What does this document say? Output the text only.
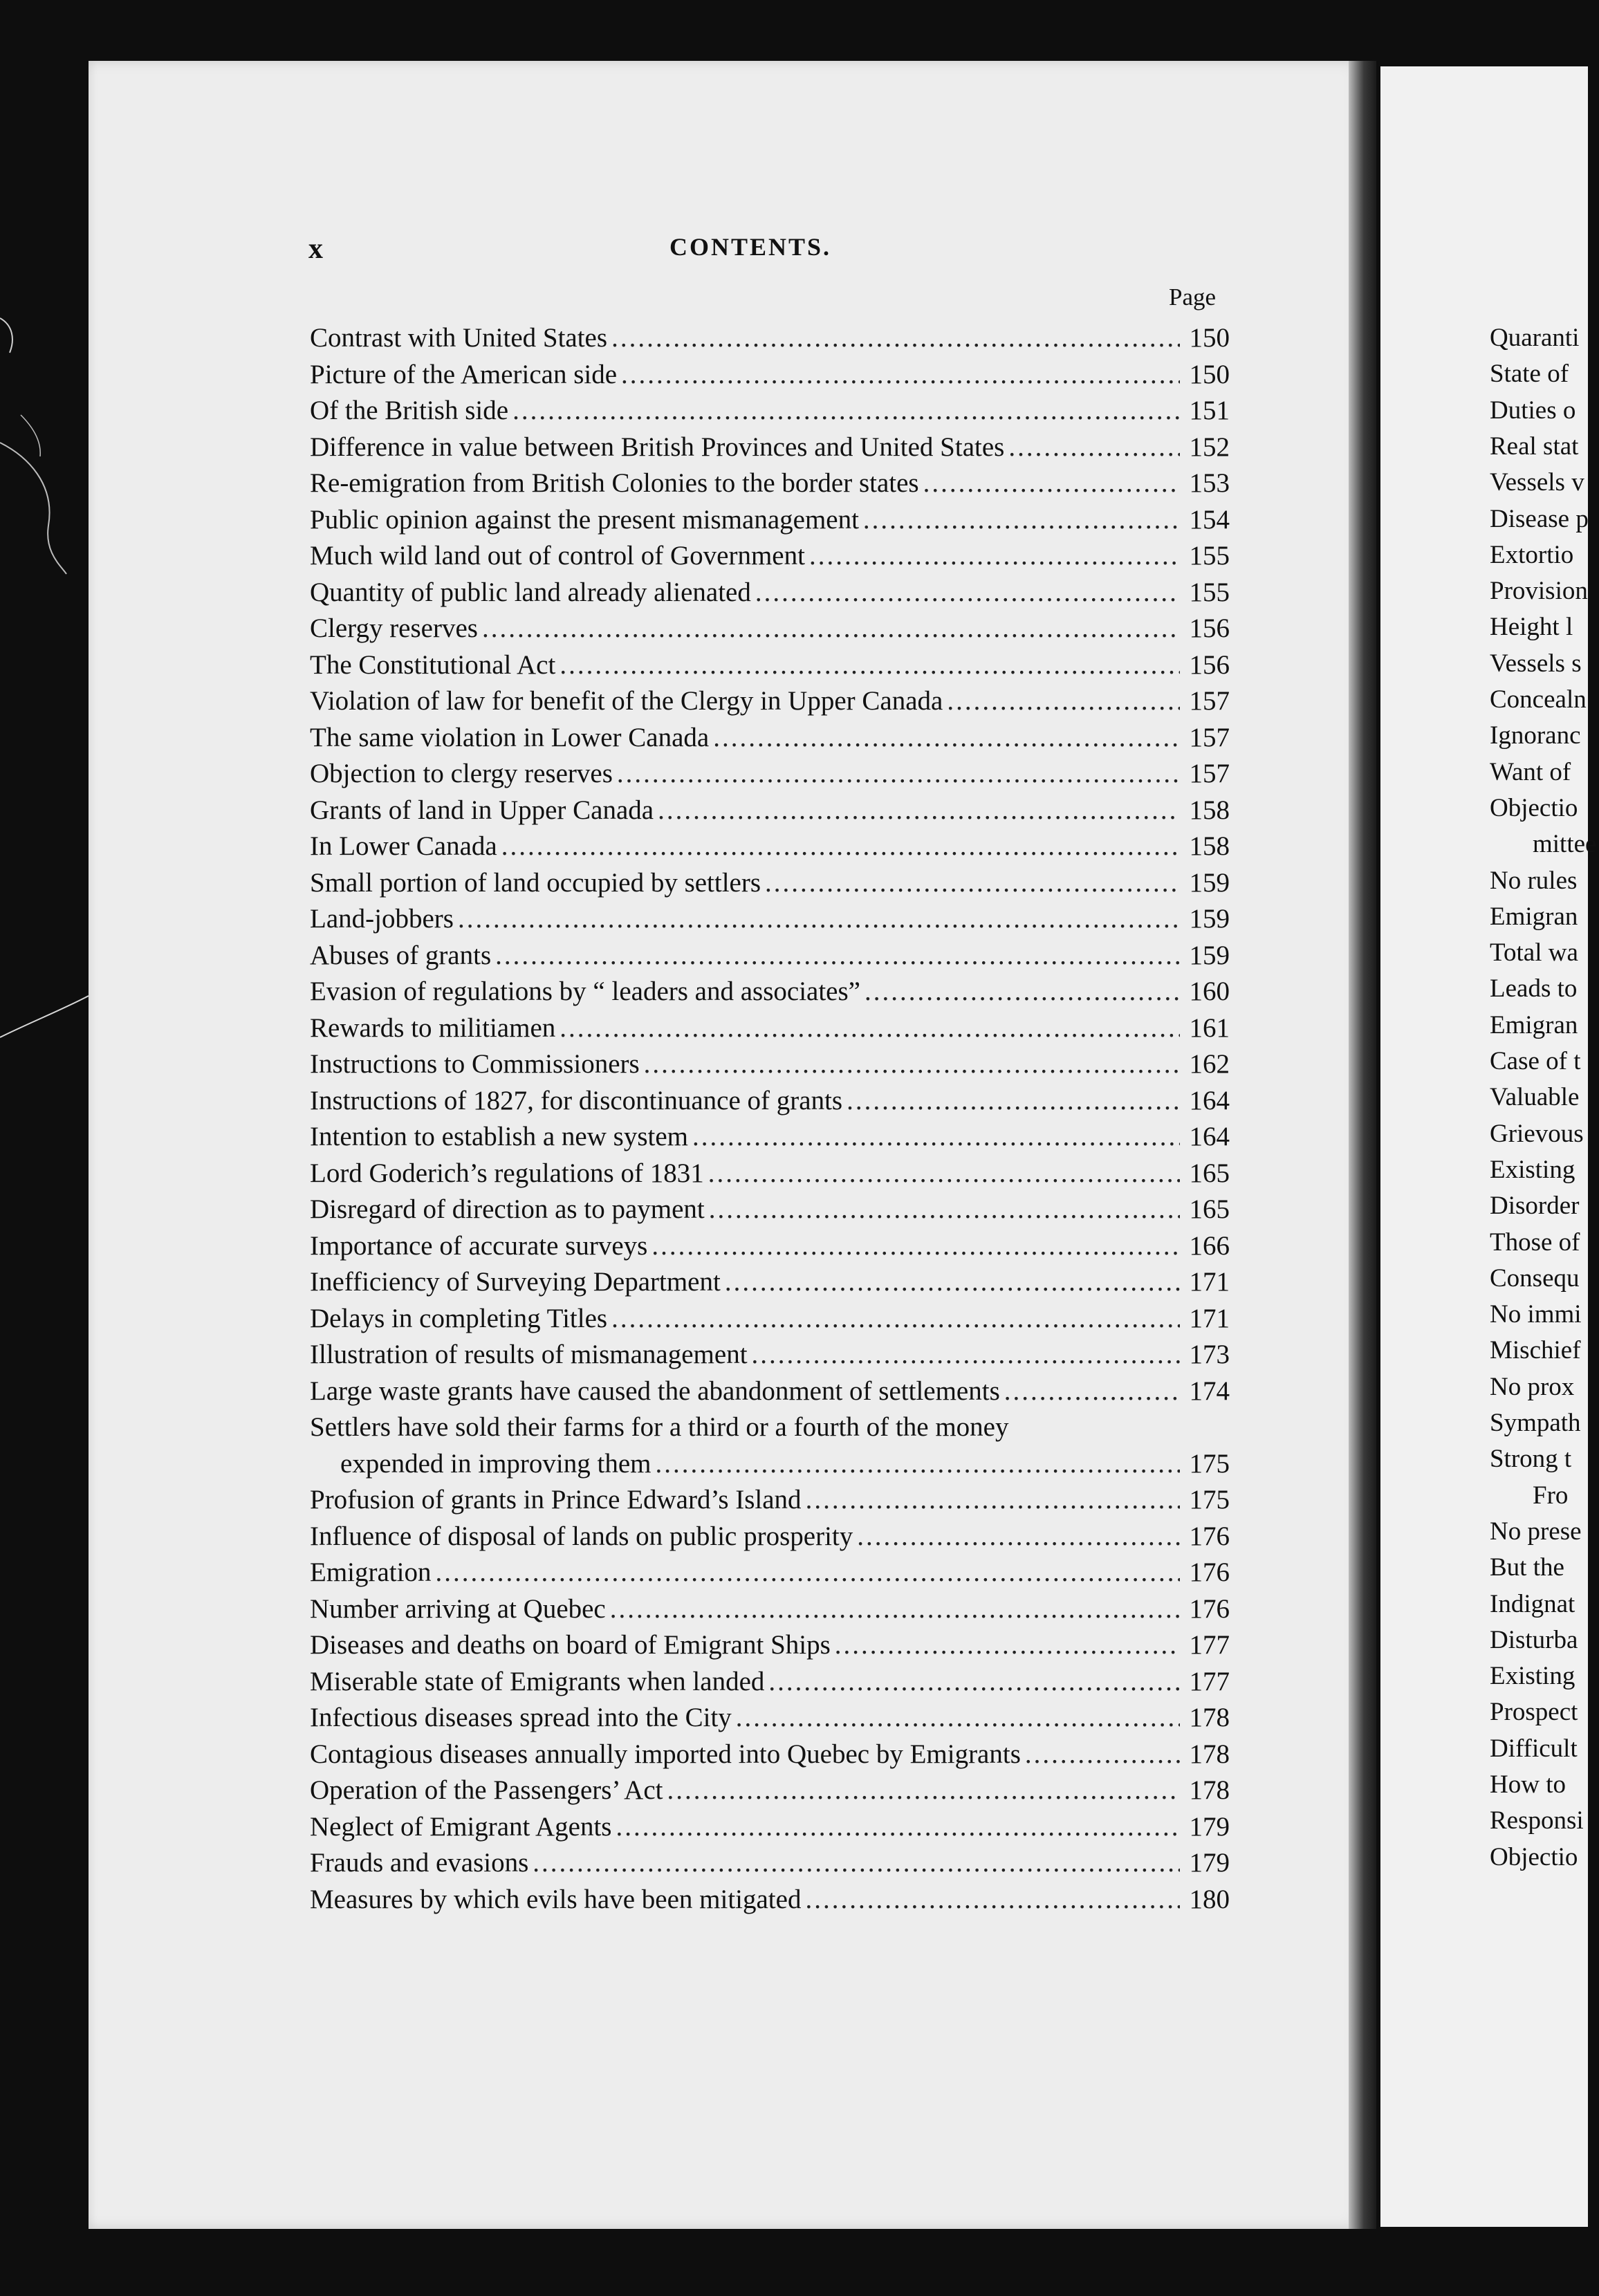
Quaranti
State of
Duties o
Real stat
Vessels v
Disease p
Extortio
Provision
Height l
Vessels s
Concealn
Ignoranc
Want of
Objectio
mittee
No rules
Emigran
Total wa
Leads to
Emigran
Case of t
Valuable
Grievous
Existing
Disorder
Those of
Consequ
No immi
Mischief
No prox
Sympath
Strong t
Fro
No prese
But the
Indignat
Disturba
Existing
Prospect
Difficult
How to
Responsi
Objectio
x	CONTENTS.
Page
Contrast with United States .....	150
Picture of the American side .....	150
Of the British side .....	151
Difference in value between British Provinces and United States .....	152
Re-emigration from British Colonies to the border states .....	153
Public opinion against the present mismanagement .....	154
Much wild land out of control of Government .....	155
Quantity of public land already alienated .....	155
Clergy reserves .....	156
The Constitutional Act .....	156
Violation of law for benefit of the Clergy in Upper Canada .....	157
The same violation in Lower Canada .....	157
Objection to clergy reserves .....	157
Grants of land in Upper Canada .....	158
In Lower Canada .....	158
Small portion of land occupied by settlers .....	159
Land-jobbers .....	159
Abuses of grants .....	159
Evasion of regulations by “ leaders and associates” .....	160
Rewards to militiamen .....	161
Instructions to Commissioners .....	162
Instructions of 1827, for discontinuance of grants .....	164
Intention to establish a new system .....	164
Lord Goderich’s regulations of 1831 .....	165
Disregard of direction as to payment .....	165
Importance of accurate surveys .....	166
Inefficiency of Surveying Department .....	171
Delays in completing Titles .....	171
Illustration of results of mismanagement .....	173
Large waste grants have caused the abandonment of settlements .....	174
Settlers have sold their farms for a third or a fourth of the money
expended in improving them .....	175
Profusion of grants in Prince Edward’s Island .....	175
Influence of disposal of lands on public prosperity .....	176
Emigration .....	176
Number arriving at Quebec .....	176
Diseases and deaths on board of Emigrant Ships .....	177
Miserable state of Emigrants when landed .....	177
Infectious diseases spread into the City .....	178
Contagious diseases annually imported into Quebec by Emigrants .....	178
Operation of the Passengers’ Act .....	178
Neglect of Emigrant Agents .....	179
Frauds and evasions .....	179
Measures by which evils have been mitigated .....	180
